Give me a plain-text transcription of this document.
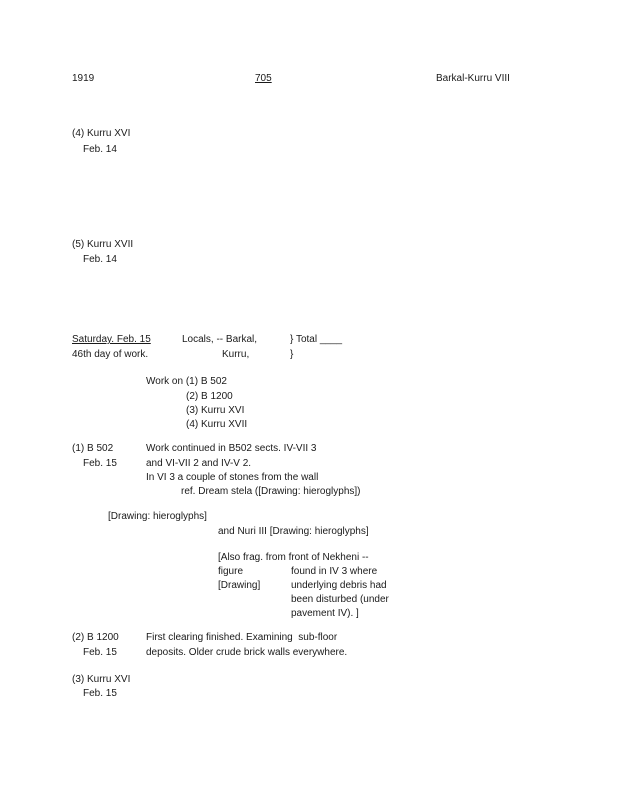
1919	705	Barkal-Kurru VIII
(4) Kurru XVI
Feb. 14
(5) Kurru XVII
Feb. 14
Saturday. Feb. 15
46th day of work.
Locals, -- Barkal,
Kurru,
} Total ____
}
Work on (1) B 502
(2) B 1200
(3) Kurru XVI
(4) Kurru XVII
(1) B 502
Feb. 15
Work continued in B502 sects. IV-VII 3
and VI-VII 2 and IV-V 2.
In VI 3 a couple of stones from the wall
ref. Dream stela ([Drawing: hieroglyphs])
[Drawing: hieroglyphs]
and Nuri III [Drawing: hieroglyphs]
[Also frag. from front of Nekheni --
figure
[Drawing]
found in IV 3 where
underlying debris had
been disturbed (under
pavement IV). ]
(2) B 1200
Feb. 15
First clearing finished. Examining  sub-floor
deposits. Older crude brick walls everywhere.
(3) Kurru XVI
Feb. 15
